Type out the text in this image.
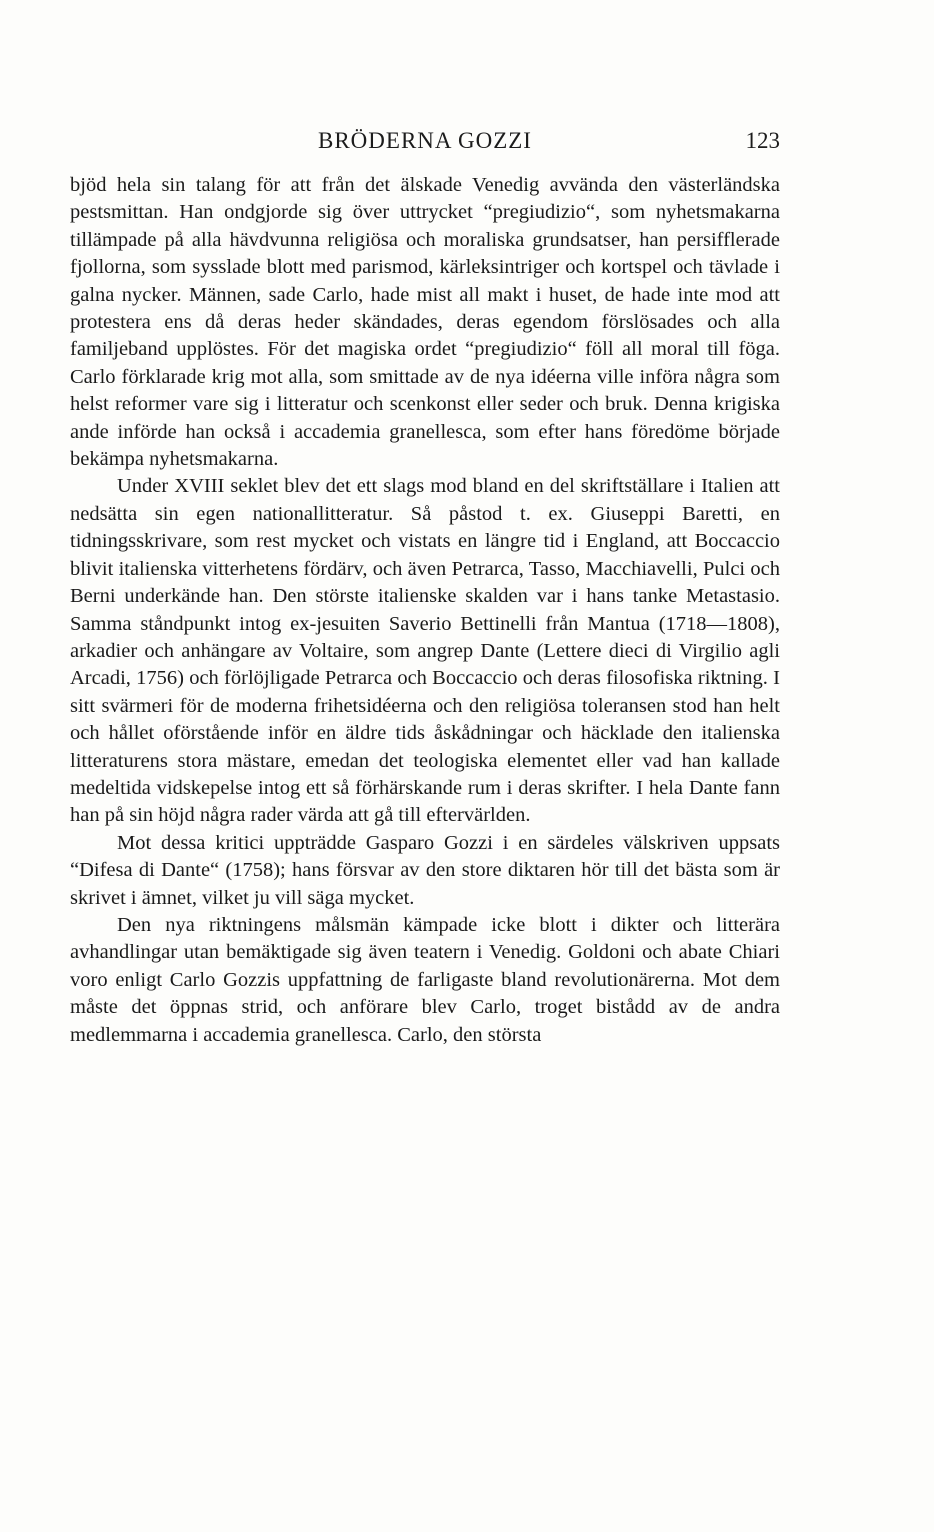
BRÖDERNA GOZZI	123

bjöd hela sin talang för att från det älskade Venedig avvända den västerländska pestsmittan. Han ondgjorde sig över uttrycket “pregiudizio“, som nyhetsmakarna tillämpade på alla hävdvunna religiösa och moraliska grundsatser, han persifflerade fjollorna, som sysslade blott med parismod, kärleksintriger och kortspel och tävlade i galna nycker. Männen, sade Carlo, hade mist all makt i huset, de hade inte mod att protestera ens då deras heder skändades, deras egendom förslösades och alla familjeband upplöstes. För det magiska ordet “pregiudizio“ föll all moral till föga. Carlo förklarade krig mot alla, som smittade av de nya idéerna ville införa några som helst reformer vare sig i litteratur och scenkonst eller seder och bruk. Denna krigiska ande införde han också i accademia granellesca, som efter hans föredöme började bekämpa nyhetsmakarna.

Under XVIII seklet blev det ett slags mod bland en del skriftställare i Italien att nedsätta sin egen nationallitteratur. Så påstod t. ex. Giuseppi Baretti, en tidningsskrivare, som rest mycket och vistats en längre tid i England, att Boccaccio blivit italienska vitterhetens fördärv, och även Petrarca, Tasso, Macchiavelli, Pulci och Berni underkände han. Den störste italienske skalden var i hans tanke Metastasio. Samma ståndpunkt intog ex-jesuiten Saverio Bettinelli från Mantua (1718—1808), arkadier och anhängare av Voltaire, som angrep Dante (Lettere dieci di Virgilio agli Arcadi, 1756) och förlöjligade Petrarca och Boccaccio och deras filosofiska riktning. I sitt svärmeri för de moderna frihetsidéerna och den religiösa toleransen stod han helt och hållet oförstående inför en äldre tids åskådningar och häcklade den italienska litteraturens stora mästare, emedan det teologiska elementet eller vad han kallade medeltida vidskepelse intog ett så förhärskande rum i deras skrifter. I hela Dante fann han på sin höjd några rader värda att gå till eftervärlden.

Mot dessa kritici uppträdde Gasparo Gozzi i en särdeles välskriven uppsats “Difesa di Dante“ (1758); hans försvar av den store diktaren hör till det bästa som är skrivet i ämnet, vilket ju vill säga mycket.

Den nya riktningens målsmän kämpade icke blott i dikter och litterära avhandlingar utan bemäktigade sig även teatern i Venedig. Goldoni och abate Chiari voro enligt Carlo Gozzis uppfattning de farligaste bland revolutionärerna. Mot dem måste det öppnas strid, och anförare blev Carlo, troget bistådd av de andra medlemmarna i accademia granellesca. Carlo, den största
